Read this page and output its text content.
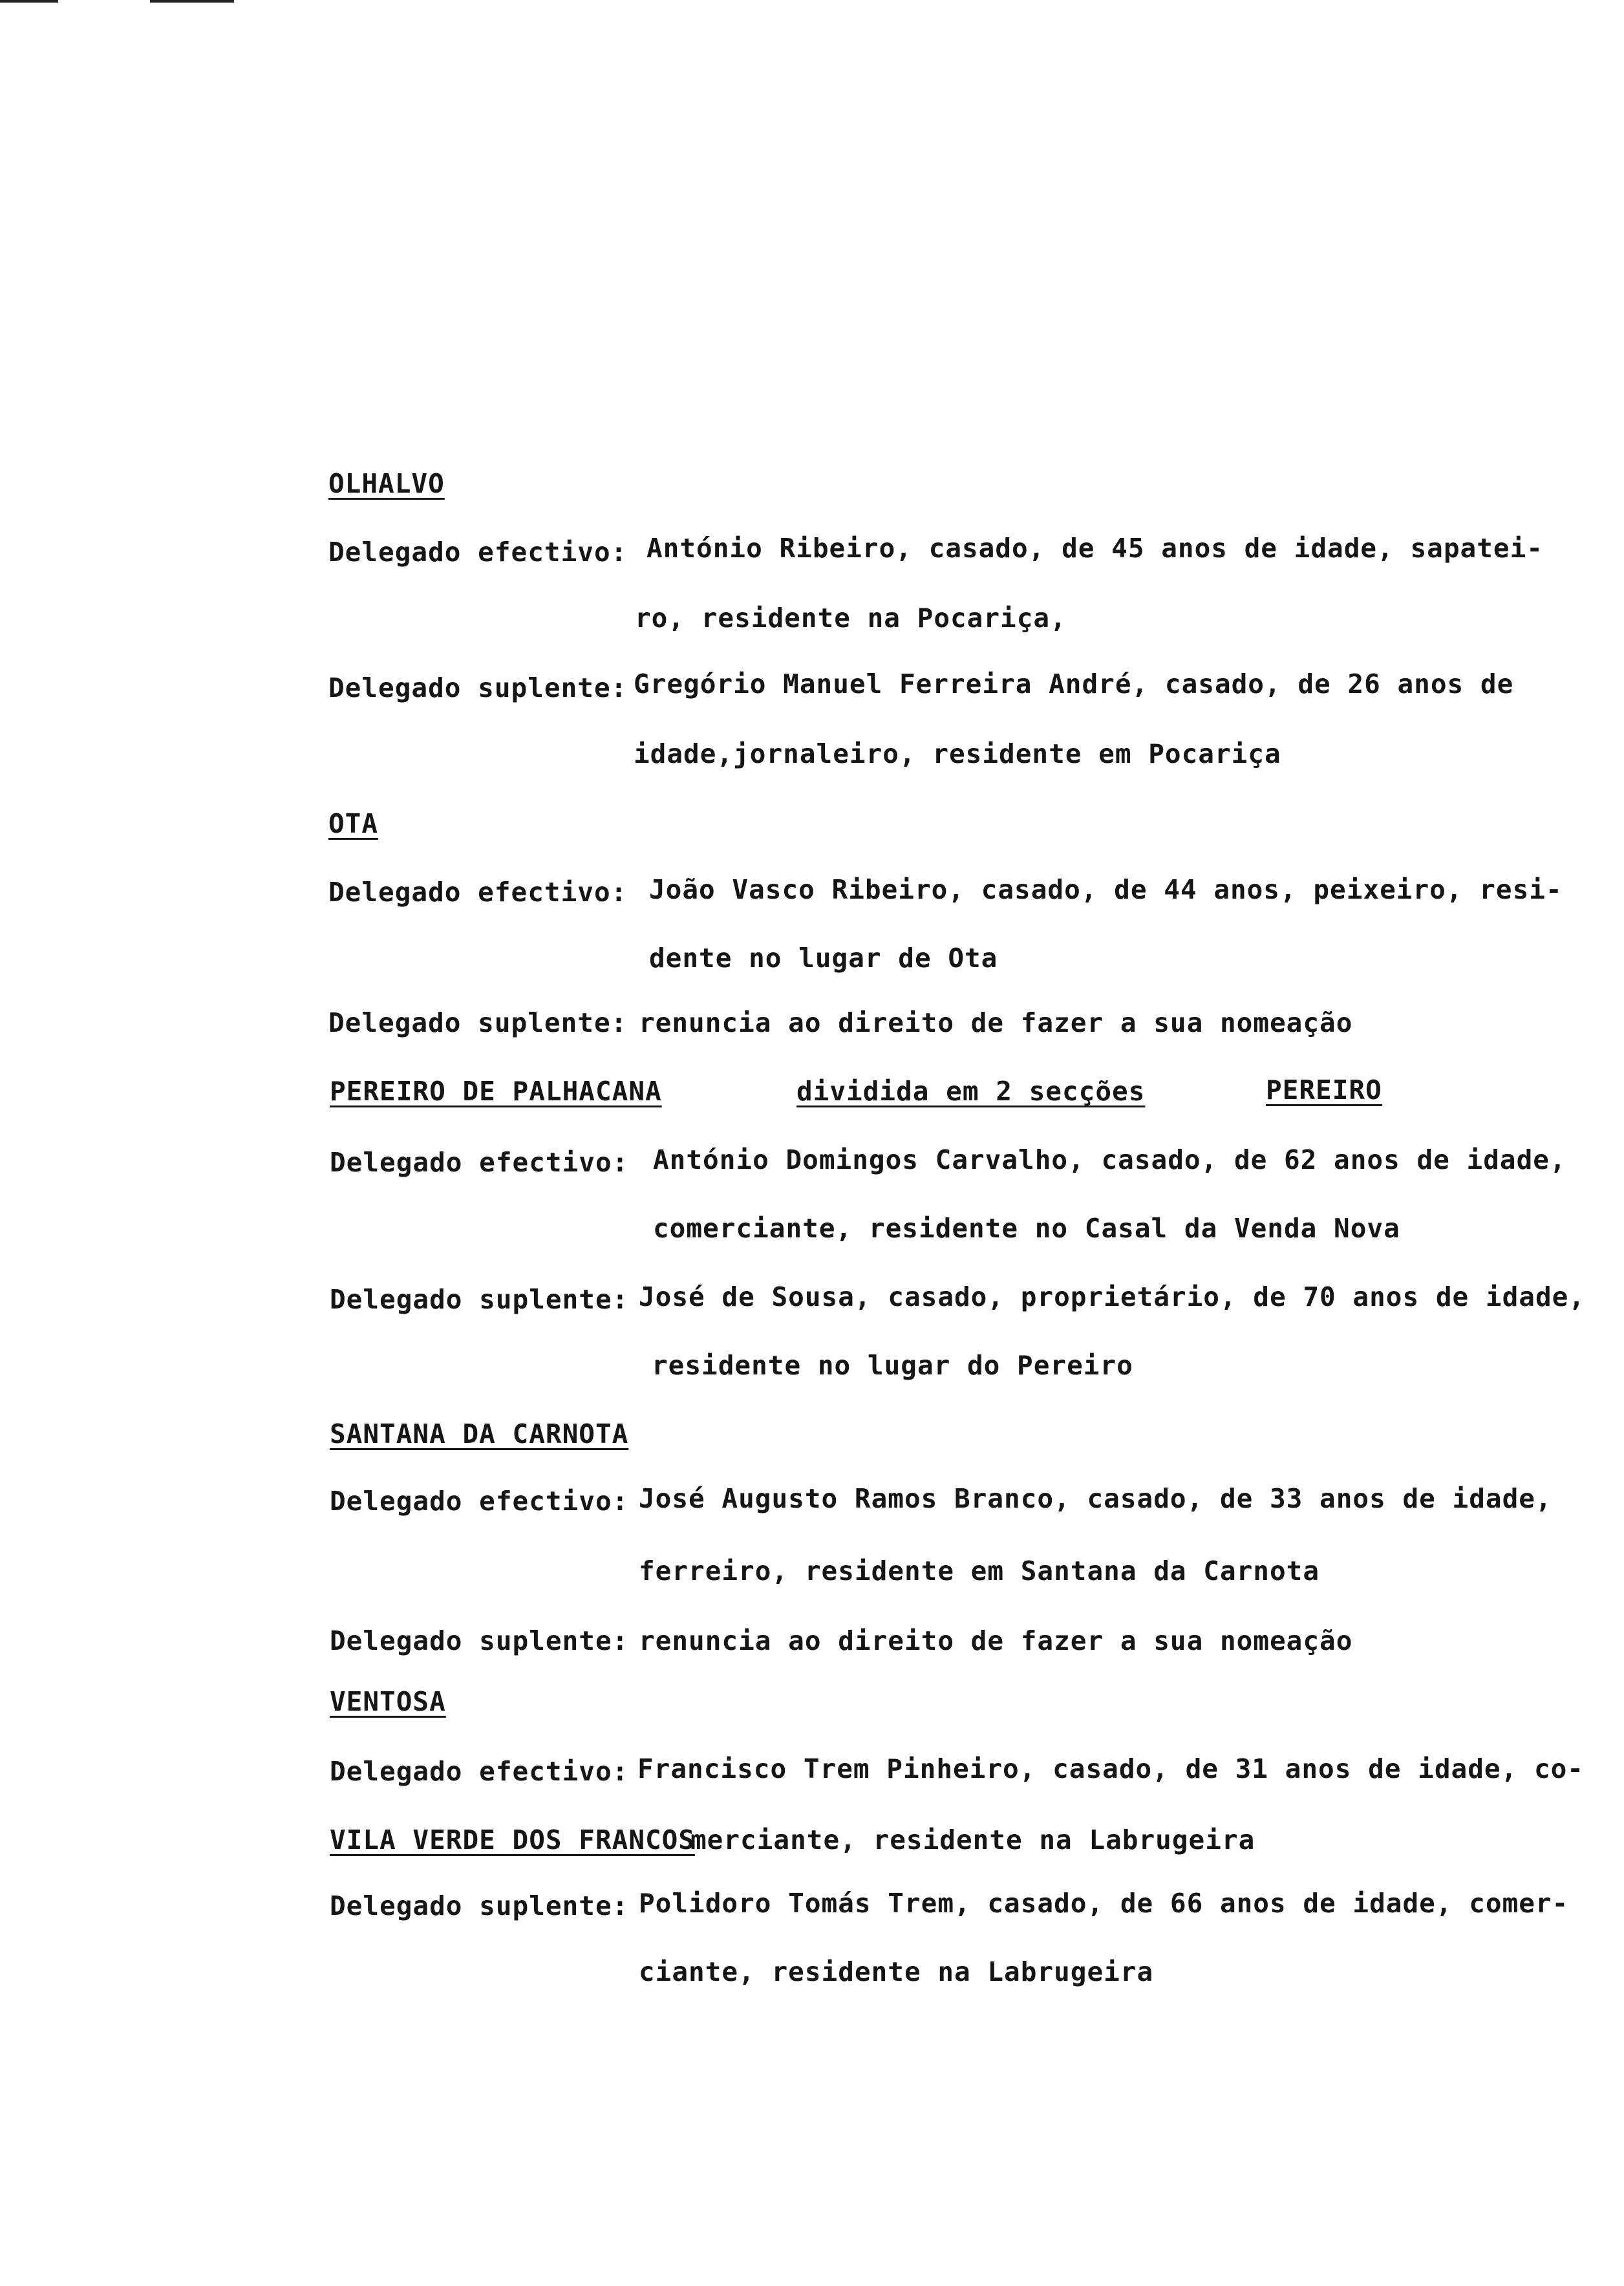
OLHALVO
Delegado efectivo: António Ribeiro, casado, de 45 anos de idade, sapatei-
ro, residente na Pocariça,
Delegado suplente: Gregório Manuel Ferreira André, casado, de 26 anos de
idade,jornaleiro, residente em Pocariça
OTA
Delegado efectivo: João Vasco Ribeiro, casado, de 44 anos, peixeiro, resi-
dente no lugar de Ota
Delegado suplente: renuncia ao direito de fazer a sua nomeação
PEREIRO DE PALHACANA	dividida em 2 secções	PEREIRO
Delegado efectivo: António Domingos Carvalho, casado, de 62 anos de idade,
comerciante, residente no Casal da Venda Nova
Delegado suplente: José de Sousa, casado, proprietário, de 70 anos de idade,
residente no lugar do Pereiro
SANTANA DA CARNOTA
Delegado efectivo: José Augusto Ramos Branco, casado, de 33 anos de idade,
ferreiro, residente em Santana da Carnota
Delegado suplente: renuncia ao direito de fazer a sua nomeação
VENTOSA
Delegado efectivo: Francisco Trem Pinheiro, casado, de 31 anos de idade, co-
VILA VERDE DOS FRANCOS
merciante, residente na Labrugeira
Delegado suplente: Polidoro Tomás Trem, casado, de 66 anos de idade, comer-
ciante, residente na Labrugeira
